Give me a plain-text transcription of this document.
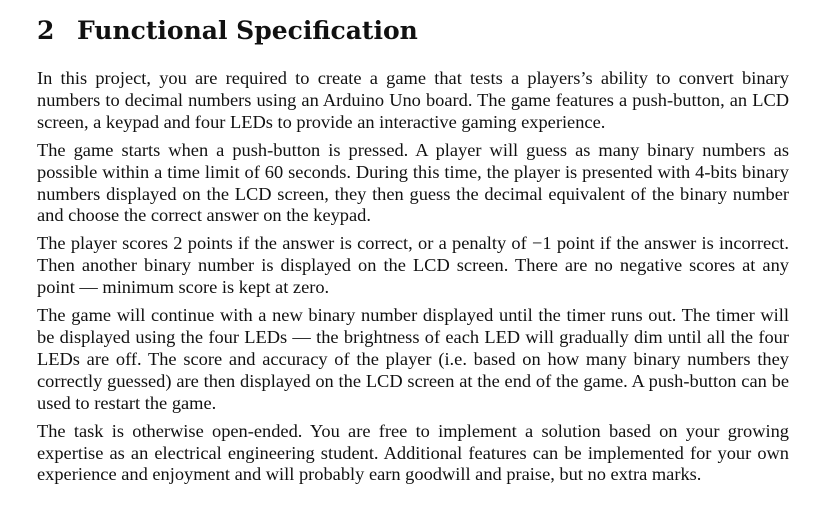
2 Functional Specification

In this project, you are required to create a game that tests a players’s ability to convert binary numbers to decimal numbers using an Arduino Uno board. The game features a push-button, an LCD screen, a keypad and four LEDs to provide an interactive gaming experience.

The game starts when a push-button is pressed. A player will guess as many binary numbers as possible within a time limit of 60 seconds. During this time, the player is presented with 4-bits binary numbers displayed on the LCD screen, they then guess the decimal equivalent of the binary number and choose the correct answer on the keypad.

The player scores 2 points if the answer is correct, or a penalty of −1 point if the answer is incorrect. Then another binary number is displayed on the LCD screen. There are no negative scores at any point — minimum score is kept at zero.

The game will continue with a new binary number displayed until the timer runs out. The timer will be displayed using the four LEDs — the brightness of each LED will gradually dim until all the four LEDs are off. The score and accuracy of the player (i.e. based on how many binary numbers they correctly guessed) are then displayed on the LCD screen at the end of the game. A push-button can be used to restart the game.

The task is otherwise open-ended. You are free to implement a solution based on your growing expertise as an electrical engineering student. Additional features can be implemented for your own experience and enjoyment and will probably earn goodwill and praise, but no extra marks.
